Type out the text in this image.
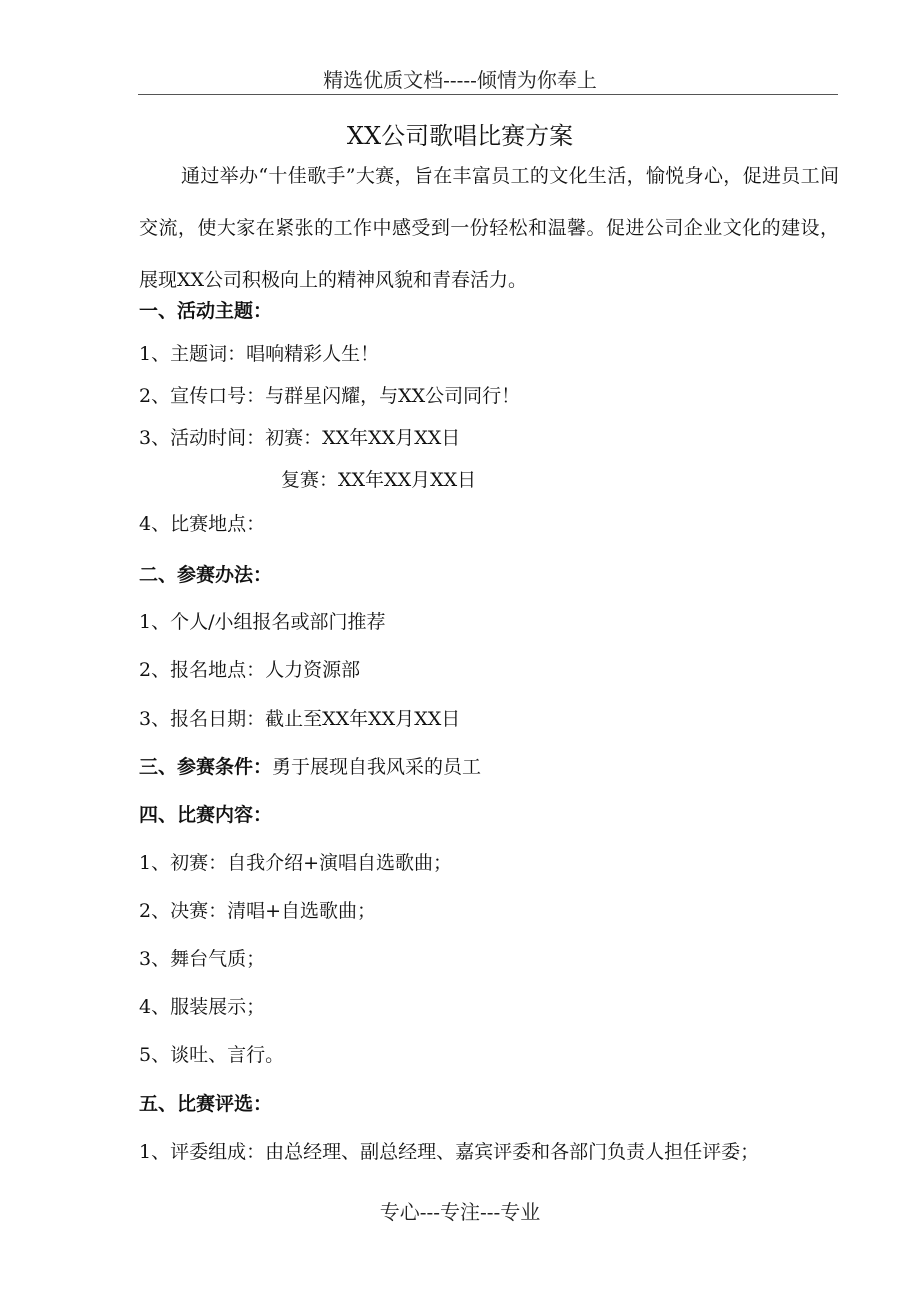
精选优质文档-----倾情为你奉上
XX公司歌唱比赛方案
通过举办“十佳歌手”大赛，旨在丰富员工的文化生活，愉悦身心，促进员工间交流，使大家在紧张的工作中感受到一份轻松和温馨。促进公司企业文化的建设，展现XX公司积极向上的精神风貌和青春活力。
一、活动主题：
1、主题词：唱响精彩人生！
2、宣传口号：与群星闪耀，与XX公司同行！
3、活动时间：初赛：XX年XX月XX日
复赛：XX年XX月XX日
4、比赛地点：
二、参赛办法：
1、个人/小组报名或部门推荐
2、报名地点：人力资源部
3、报名日期：截止至XX年XX月XX日
三、参赛条件：勇于展现自我风采的员工
四、比赛内容：
1、初赛：自我介绍+演唱自选歌曲；
2、决赛：清唱+自选歌曲；
3、舞台气质；
4、服装展示；
5、谈吐、言行。
五、比赛评选：
1、评委组成：由总经理、副总经理、嘉宾评委和各部门负责人担任评委；
专心---专注---专业
